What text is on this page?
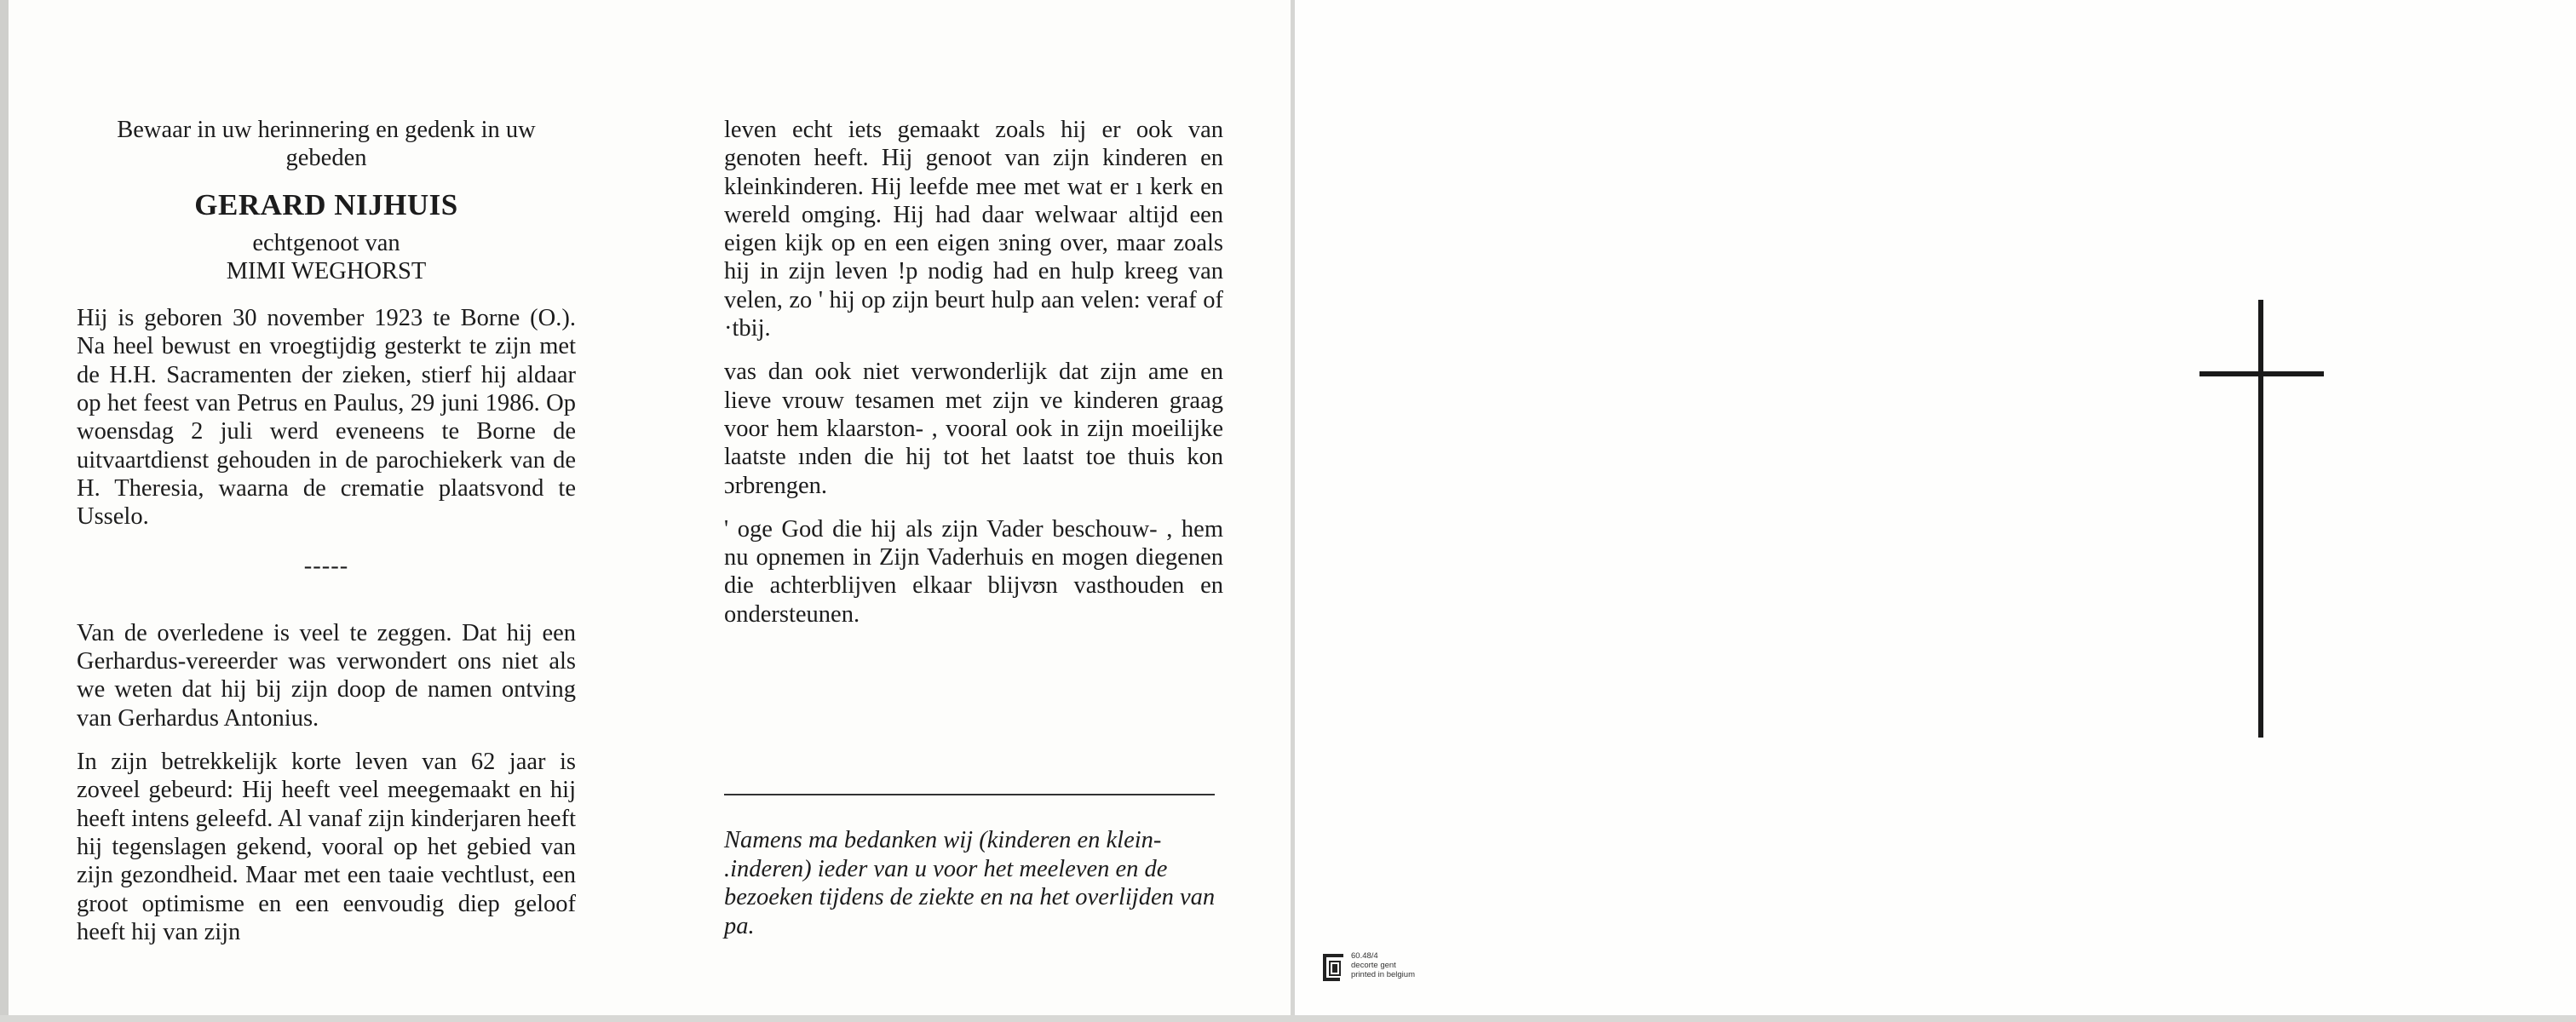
Bewaar in uw herinnering en gedenk in uw gebeden
GERARD NIJHUIS
echtgenoot van
MIMI WEGHORST

Hij is geboren 30 november 1923 te Borne (O.). Na heel bewust en vroegtijdig gesterkt te zijn met de H.H. Sacramenten der zieken, stierf hij aldaar op het feest van Petrus en Paulus, 29 juni 1986. Op woensdag 2 juli werd eveneens te Borne de uitvaartdienst gehouden in de parochiekerk van de H. Theresia, waarna de crematie plaatsvond te Usselo.

-----

Van de overledene is veel te zeggen. Dat hij een Gerhardus-vereerder was verwondert ons niet als we weten dat hij bij zijn doop de namen ontving van Gerhardus Antonius.

In zijn betrekkelijk korte leven van 62 jaar is zoveel gebeurd: Hij heeft veel meegemaakt en hij heeft intens geleefd. Al vanaf zijn kinderjaren heeft hij tegenslagen gekend, vooral op het gebied van zijn gezondheid. Maar met een taaie vechtlust, een groot optimisme en een eenvoudig diep geloof heeft hij van zijn

leven echt iets gemaakt zoals hij er ook van genoten heeft. Hij genoot van zijn kinderen en kleinkinderen. Hij leefde mee met wat er ı kerk en wereld omging. Hij had daar welwaar altijd een eigen kijk op en een eigen ɜning over, maar zoals hij in zijn leven !p nodig had en hulp kreeg van velen, zo ' hij op zijn beurt hulp aan velen: veraf of ·tbij.

vas dan ook niet verwonderlijk dat zijn ame en lieve vrouw tesamen met zijn ve kinderen graag voor hem klaarston- , vooral ook in zijn moeilijke laatste ınden die hij tot het laatst toe thuis kon ɔrbrengen.

' oge God die hij als zijn Vader beschouw- , hem nu opnemen in Zijn Vaderhuis en mogen diegenen die achterblijven elkaar blijvʊn vasthouden en ondersteunen.

Namens ma bedanken wij (kinderen en klein- .inderen) ieder van u voor het meeleven en de bezoeken tijdens de ziekte en na het overlijden van pa.
60.48/4
decorte gent
printed in belgium
